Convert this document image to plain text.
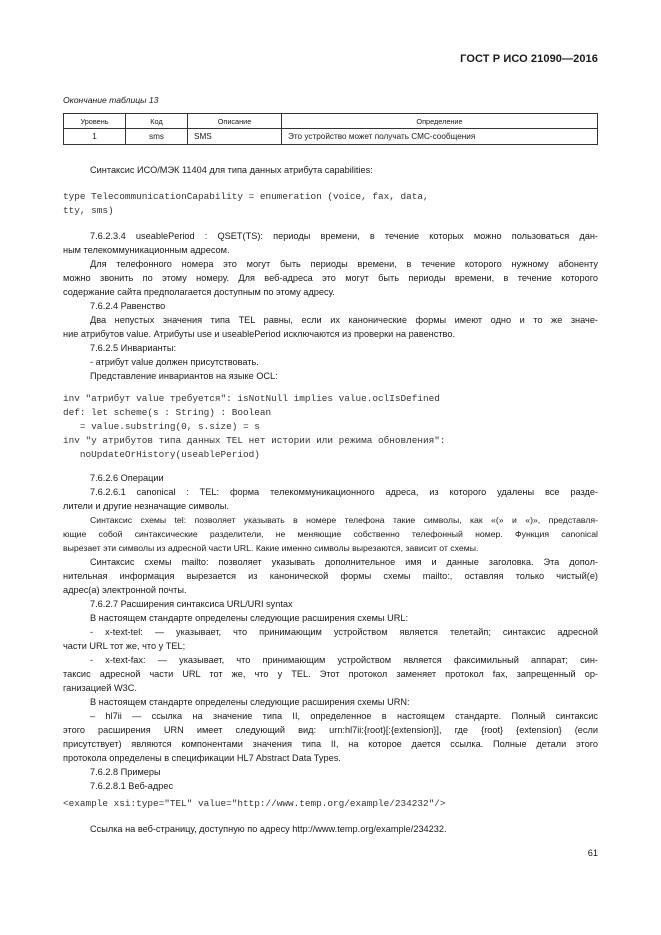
ГОСТ Р ИСО 21090—2016
Окончание таблицы 13
Уровень	Код	Описание	Определение
1	sms	SMS	Это устройство может получать СМС-сообщения
Синтаксис ИСО/МЭК 11404 для типа данных атрибута capabilities:
type TelecommunicationCapability = enumeration (voice, fax, data,
tty, sms)
7.6.2.3.4 useablePeriod : QSET(TS): периоды времени, в течение которых можно пользоваться дан-
ным телекоммуникационным адресом.
Для телефонного номера это могут быть периоды времени, в течение которого нужному абоненту
можно звонить по этому номеру. Для веб-адреса это могут быть периоды времени, в течение которого
содержание сайта предполагается доступным по этому адресу.
7.6.2.4 Равенство
Два непустых значения типа TEL равны, если их канонические формы имеют одно и то же значе-
ние атрибутов value. Атрибуты use и useablePeriod исключаются из проверки на равенство.
7.6.2.5 Инварианты:
- атрибут value должен присутствовать.
Представление инвариантов на языке OCL:
inv "атрибут value требуется": isNotNull implies value.oclIsDefined
def: let scheme(s : String) : Boolean
= value.substring(0, s.size) = s
inv "у атрибутов типа данных TEL нет истории или режима обновления":
noUpdateOrHistory(useablePeriod)
7.6.2.6 Операции
7.6.2.6.1 canonical : TEL: форма телекоммуникационного адреса, из которого удалены все разде-
лители и другие незначащие символы.
Синтаксис схемы tel: позволяет указывать в номере телефона такие символы, как «(» и «)», представля-
ющие собой синтаксические разделители, не меняющие собственно телефонный номер. Функция canonical
вырезает эти символы из адресной части URL. Какие именно символы вырезаются, зависит от схемы.
Синтаксис схемы mailto: позволяет указывать дополнительное имя и данные заголовка. Эта допол-
нительная информация вырезается из канонической формы схемы mailto:, оставляя только чистый(е)
адрес(а) электронной почты.
7.6.2.7 Расширения синтаксиса URL/URI syntax
В настоящем стандарте определены следующие расширения схемы URL:
- x-text-tel: — указывает, что принимающим устройством является телетайп; синтаксис адресной
части URL тот же, что у TEL;
- x-text-fax: — указывает, что принимающим устройством является факсимильный аппарат; син-
таксис адресной части URL тот же, что у TEL. Этот протокол заменяет протокол fax, запрещенный ор-
ганизацией W3C.
В настоящем стандарте определены следующие расширения схемы URN:
– hl7ii — ссылка на значение типа II, определенное в настоящем стандарте. Полный синтаксис
этого расширения URN имеет следующий вид: urn:hl7ii:{root}[:{extension}], где {root} {extension} (если
присутствует) являются компонентами значения типа II, на которое дается ссылка. Полные детали этого
протокола определены в спецификации HL7 Abstract Data Types.
7.6.2.8 Примеры
7.6.2.8.1 Веб-адрес
<example xsi:type="TEL" value="http://www.temp.org/example/234232"/>
Ссылка на веб-страницу, доступную по адресу http://www.temp.org/example/234232.
61
